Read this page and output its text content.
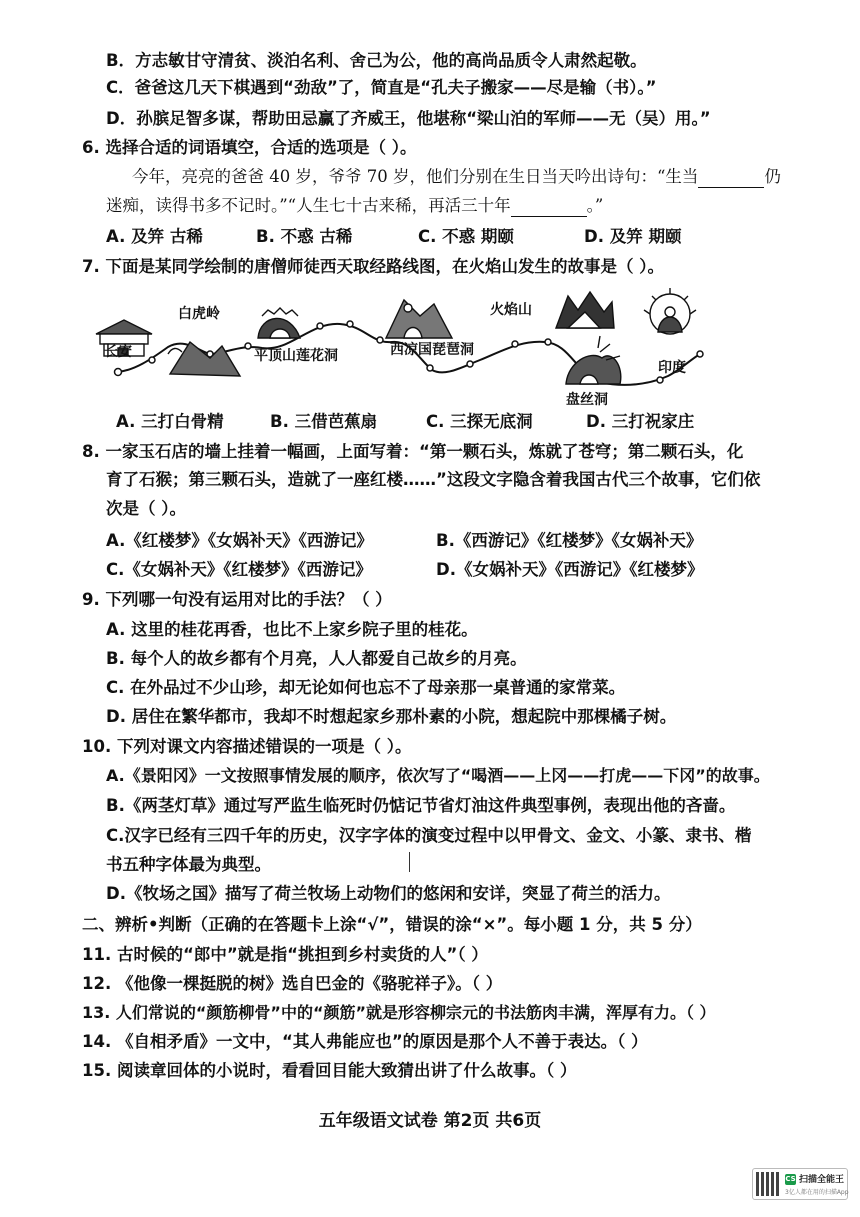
B．方志敏甘守清贫、淡泊名利、舍己为公，他的高尚品质令人肃然起敬。
C．爸爸这几天下棋遇到“劲敌”了，简直是“孔夫子搬家——尽是输（书）。”
D．孙膑足智多谋，帮助田忌赢了齐威王，他堪称“梁山泊的军师——无（吴）用。”
6. 选择合适的词语填空，合适的选项是（ ）。
今年，亮亮的爸爸 40 岁，爷爷 70 岁，他们分别在生日当天吟出诗句：“生当	仍
迷痴，读得书多不记时。”“人生七十古来稀，再活三十年	。”
A. 及笄 古稀	B. 不惑 古稀	C. 不惑 期颐	D. 及笄 期颐
7. 下面是某同学绘制的唐僧师徒西天取经路线图，在火焰山发生的故事是（ ）。
长安
白虎岭
平顶山莲花洞	西凉国琵琶洞
火焰山
印度
盘丝洞
A. 三打白骨精	B. 三借芭蕉扇	C. 三探无底洞	D. 三打祝家庄
8. 一家玉石店的墙上挂着一幅画，上面写着：“第一颗石头，炼就了苍穹；第二颗石头，化
育了石猴；第三颗石头，造就了一座红楼……”这段文字隐含着我国古代三个故事，它们依
次是（ ）。
A.《红楼梦》《女娲补天》《西游记》	B.《西游记》《红楼梦》《女娲补天》
C.《女娲补天》《红楼梦》《西游记》	D.《女娲补天》《西游记》《红楼梦》
9. 下列哪一句没有运用对比的手法？（ ）
A. 这里的桂花再香，也比不上家乡院子里的桂花。
B. 每个人的故乡都有个月亮，人人都爱自己故乡的月亮。
C. 在外品过不少山珍，却无论如何也忘不了母亲那一桌普通的家常菜。
D. 居住在繁华都市，我却不时想起家乡那朴素的小院，想起院中那棵橘子树。
10. 下列对课文内容描述错误的一项是（ ）。
A.《景阳冈》一文按照事情发展的顺序，依次写了“喝酒——上冈——打虎——下冈”的故事。
B.《两茎灯草》通过写严监生临死时仍惦记节省灯油这件典型事例，表现出他的吝啬。
C.汉字已经有三四千年的历史，汉字字体的演变过程中以甲骨文、金文、小篆、隶书、楷
书五种字体最为典型。
D.《牧场之国》描写了荷兰牧场上动物们的悠闲和安详，突显了荷兰的活力。
二、辨析•判断（正确的在答题卡上涂“√”，错误的涂“×”。每小题 1 分，共 5 分）
11. 古时候的“郎中”就是指“挑担到乡村卖货的人”（ ）
12. 《他像一棵挺脱的树》选自巴金的《骆驼祥子》。（ ）
13. 人们常说的“颜筋柳骨”中的“颜筋”就是形容柳宗元的书法筋肉丰满，浑厚有力。（ ）
14. 《自相矛盾》一文中，“其人弗能应也”的原因是那个人不善于表达。（ ）
15. 阅读章回体的小说时，看看回目能大致猜出讲了什么故事。（ ）
五年级语文试卷 第2页 共6页
CS 扫描全能王
3亿人都在用的扫描App
